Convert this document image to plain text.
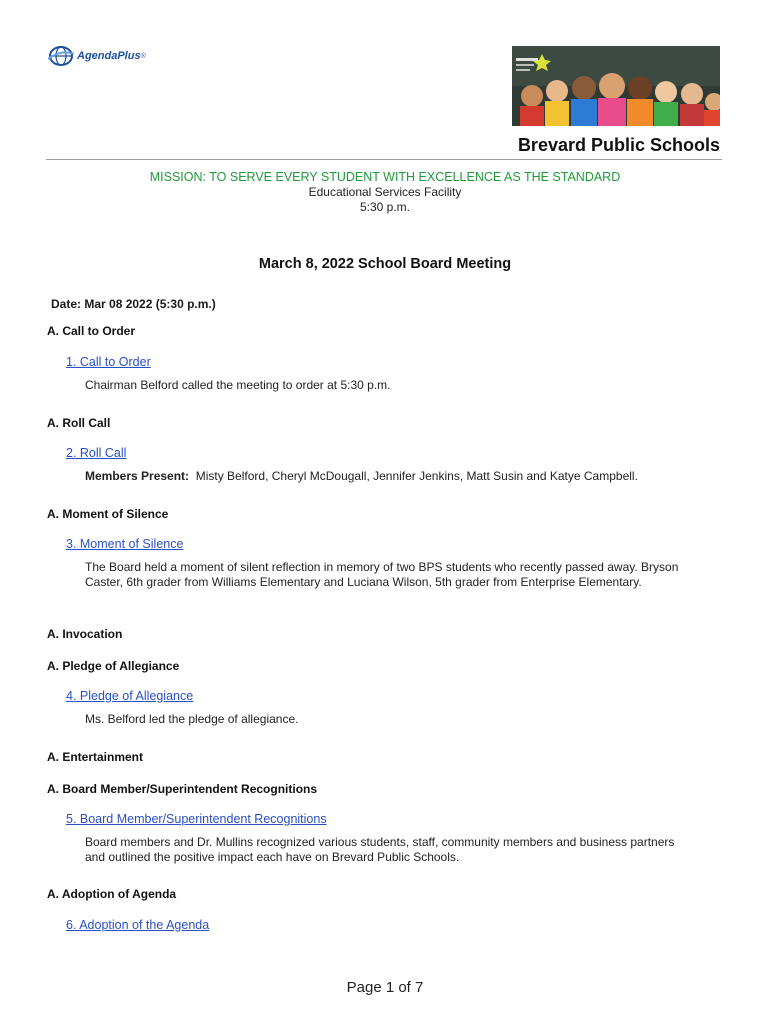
AgendaPlus ®
Brevard Public Schools
MISSION: TO SERVE EVERY STUDENT WITH EXCELLENCE AS THE STANDARD
Educational Services Facility
5:30 p.m.
March 8, 2022 School Board Meeting
Date: Mar 08 2022 (5:30 p.m.)
A. Call to Order
1. Call to Order
Chairman Belford called the meeting to order at 5:30 p.m.
A. Roll Call
2. Roll Call
Members Present: Misty Belford, Cheryl McDougall, Jennifer Jenkins, Matt Susin and Katye Campbell.
A. Moment of Silence
3. Moment of Silence
The Board held a moment of silent reflection in memory of two BPS students who recently passed away. Bryson Caster, 6th grader from Williams Elementary and Luciana Wilson, 5th grader from Enterprise Elementary.
A. Invocation
A. Pledge of Allegiance
4. Pledge of Allegiance
Ms. Belford led the pledge of allegiance.
A. Entertainment
A. Board Member/Superintendent Recognitions
5. Board Member/Superintendent Recognitions
Board members and Dr. Mullins recognized various students, staff, community members and business partners and outlined the positive impact each have on Brevard Public Schools.
A. Adoption of Agenda
6. Adoption of the Agenda
Page 1 of 7
